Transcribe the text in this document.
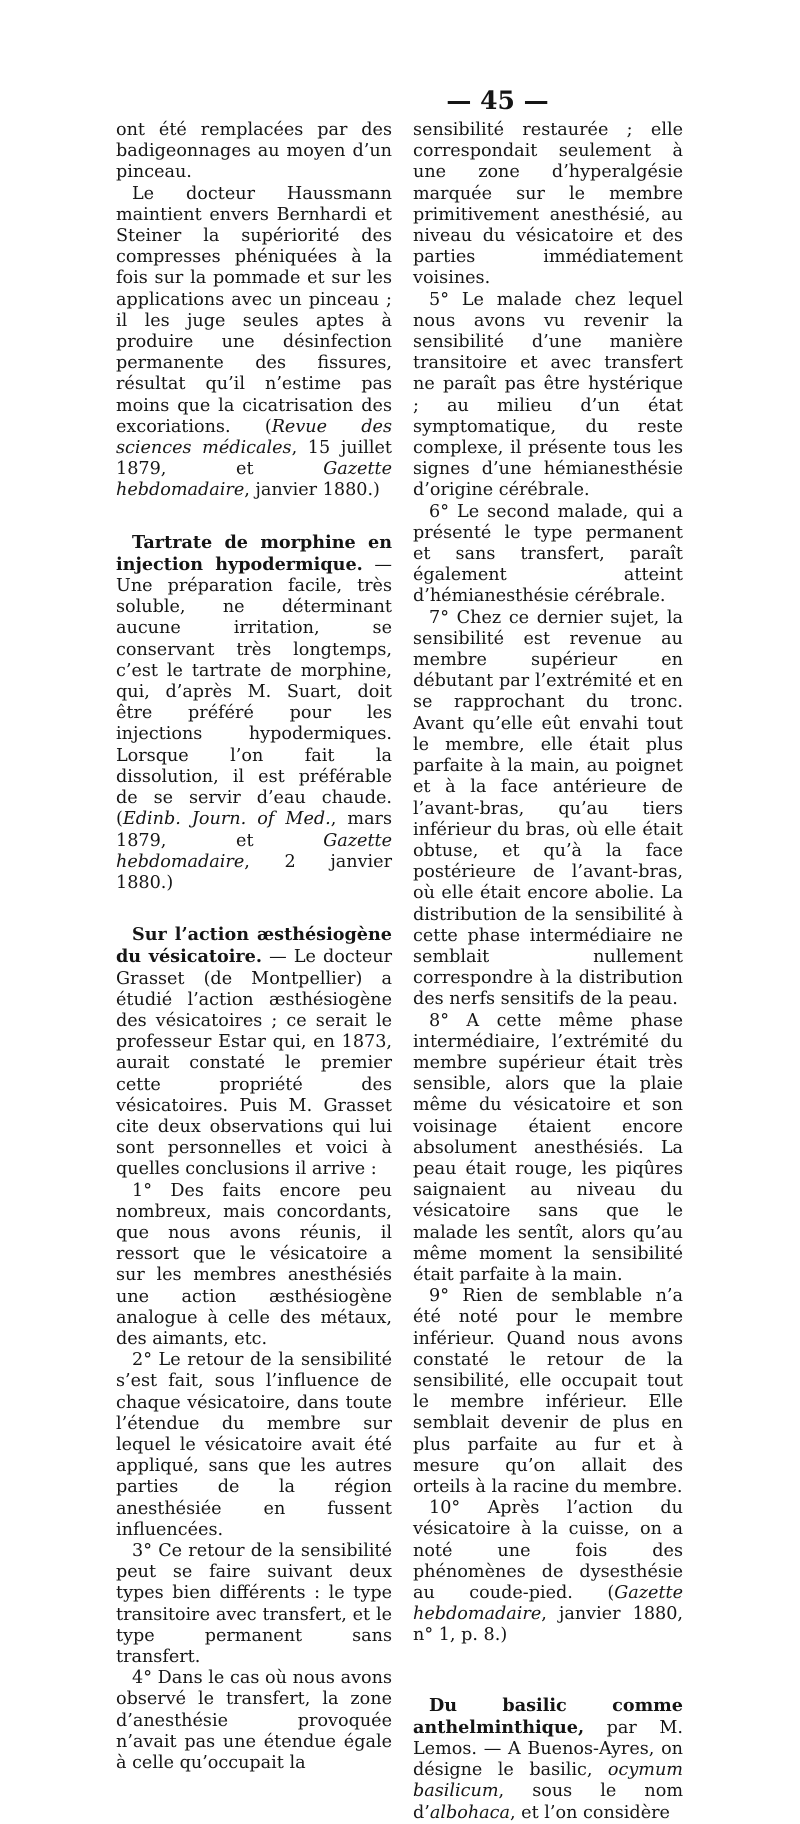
— 45 —

ont été remplacées par des badigeonnages au moyen d’un pinceau.

Le docteur Haussmann maintient envers Bernhardi et Steiner la supériorité des compresses phéniquées à la fois sur la pommade et sur les applications avec un pinceau ; il les juge seules aptes à produire une désinfection permanente des fissures, résultat qu’il n’estime pas moins que la cicatrisation des excoriations. (Revue des sciences médicales, 15 juillet 1879, et Gazette hebdomadaire, janvier 1880.)

Tartrate de morphine en injection hypodermique. — Une préparation facile, très soluble, ne déterminant aucune irritation, se conservant très longtemps, c’est le tartrate de morphine, qui, d’après M. Suart, doit être préféré pour les injections hypodermiques. Lorsque l’on fait la dissolution, il est préférable de se servir d’eau chaude. (Edinb. Journ. of Med., mars 1879, et Gazette hebdomadaire, 2 janvier 1880.)

Sur l’action æsthésiogène du vésicatoire. — Le docteur Grasset (de Montpellier) a étudié l’action æsthésiogène des vésicatoires ; ce serait le professeur Estar qui, en 1873, aurait constaté le premier cette propriété des vésicatoires. Puis M. Grasset cite deux observations qui lui sont personnelles et voici à quelles conclusions il arrive :

1° Des faits encore peu nombreux, mais concordants, que nous avons réunis, il ressort que le vésicatoire a sur les membres anesthésiés une action æsthésiogène analogue à celle des métaux, des aimants, etc.

2° Le retour de la sensibilité s’est fait, sous l’influence de chaque vésicatoire, dans toute l’étendue du membre sur lequel le vésicatoire avait été appliqué, sans que les autres parties de la région anesthésiée en fussent influencées.

3° Ce retour de la sensibilité peut se faire suivant deux types bien différents : le type transitoire avec transfert, et le type permanent sans transfert.

4° Dans le cas où nous avons observé le transfert, la zone d’anesthésie provoquée n’avait pas une étendue égale à celle qu’occupait la

sensibilité restaurée ; elle correspondait seulement à une zone d’hyperalgésie marquée sur le membre primitivement anesthésié, au niveau du vésicatoire et des parties immédiatement voisines.

5° Le malade chez lequel nous avons vu revenir la sensibilité d’une manière transitoire et avec transfert ne paraît pas être hystérique ; au milieu d’un état symptomatique, du reste complexe, il présente tous les signes d’une hémianesthésie d’origine cérébrale.

6° Le second malade, qui a présenté le type permanent et sans transfert, paraît également atteint d’hémianesthésie cérébrale.

7° Chez ce dernier sujet, la sensibilité est revenue au membre supérieur en débutant par l’extrémité et en se rapprochant du tronc. Avant qu’elle eût envahi tout le membre, elle était plus parfaite à la main, au poignet et à la face antérieure de l’avant-bras, qu’au tiers inférieur du bras, où elle était obtuse, et qu’à la face postérieure de l’avant-bras, où elle était encore abolie. La distribution de la sensibilité à cette phase intermédiaire ne semblait nullement correspondre à la distribution des nerfs sensitifs de la peau.

8° A cette même phase intermédiaire, l’extrémité du membre supérieur était très sensible, alors que la plaie même du vésicatoire et son voisinage étaient encore absolument anesthésiés. La peau était rouge, les piqûres saignaient au niveau du vésicatoire sans que le malade les sentît, alors qu’au même moment la sensibilité était parfaite à la main.

9° Rien de semblable n’a été noté pour le membre inférieur. Quand nous avons constaté le retour de la sensibilité, elle occupait tout le membre inférieur. Elle semblait devenir de plus en plus parfaite au fur et à mesure qu’on allait des orteils à la racine du membre.

10° Après l’action du vésicatoire à la cuisse, on a noté une fois des phénomènes de dysesthésie au coude-pied. (Gazette hebdomadaire, janvier 1880, n° 1, p. 8.)

Du basilic comme anthelminthique, par M. Lemos. — A Buenos-Ayres, on désigne le basilic, ocymum basilicum, sous le nom d’albohaca, et l’on considère
